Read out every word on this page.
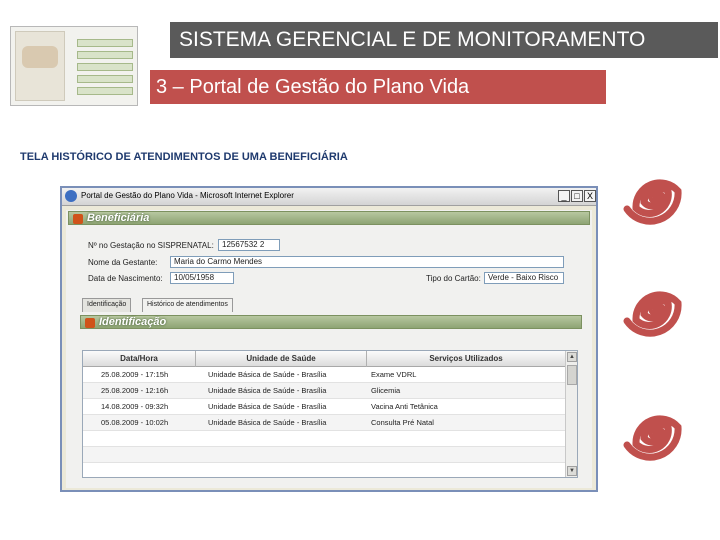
SISTEMA GERENCIAL E DE MONITORAMENTO
3 – Portal de Gestão do Plano Vida
TELA HISTÓRICO DE ATENDIMENTOS DE UMA BENEFICIÁRIA
Portal de Gestão do Plano Vida - Microsoft Internet Explorer	_ □ X
Beneficiária
Nº no Gestação no SISPRENATAL:	12567532 2
Nome da Gestante:	Maria do Carmo Mendes
Data de Nascimento:	10/05/1958	Tipo do Cartão: Verde - Baixo Risco
Identificação	Histórico de atendimentos
Identificação
Data/Hora	Unidade de Saúde	Serviços Utilizados
25.08.2009 - 17:15h	Unidade Básica de Saúde - Brasília	Exame VDRL
25.08.2009 - 12:16h	Unidade Básica de Saúde - Brasília	Glicemia
14.08.2009 - 09:32h	Unidade Básica de Saúde - Brasília	Vacina Anti Tetânica
05.08.2009 - 10:02h	Unidade Básica de Saúde - Brasília	Consulta Pré Natal
▲
▼
